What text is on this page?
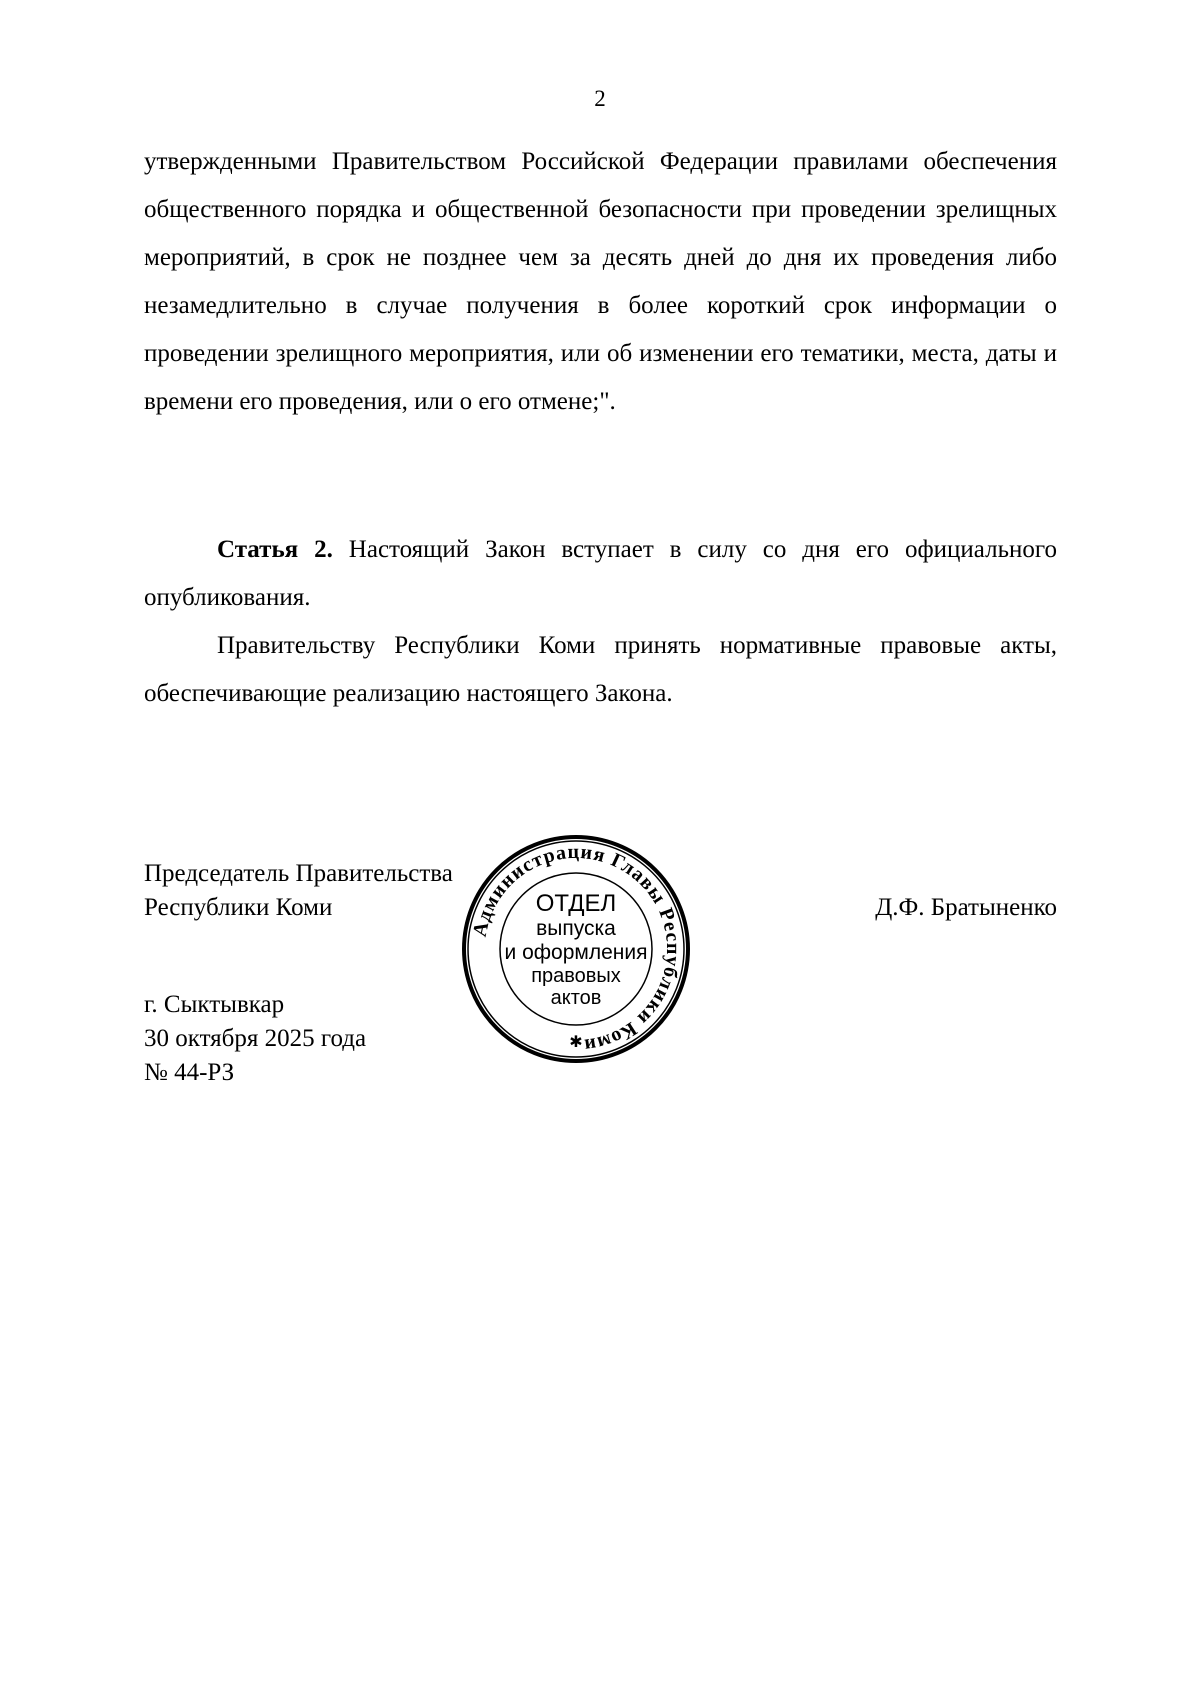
2

утвержденными Правительством Российской Федерации правилами обеспечения общественного порядка и общественной безопасности при проведении зрелищных мероприятий, в срок не позднее чем за десять дней до дня их проведения либо незамедлительно в случае получения в более короткий срок информации о проведении зрелищного мероприятия, или об изменении его тематики, места, даты и времени его проведения, или о его отмене;".

Статья 2. Настоящий Закон вступает в силу со дня его официального опубликования.

Правительству Республики Коми принять нормативные правовые акты, обеспечивающие реализацию настоящего Закона.

Председатель Правительства
Республики Коми	Д.Ф. Братыненко
г. Сыктывкар
30 октября 2025 года
№ 44-РЗ
Администрация Главы Республики Коми
ОТДЕЛ
выпуска
и оформления
правовых
актов
✱
